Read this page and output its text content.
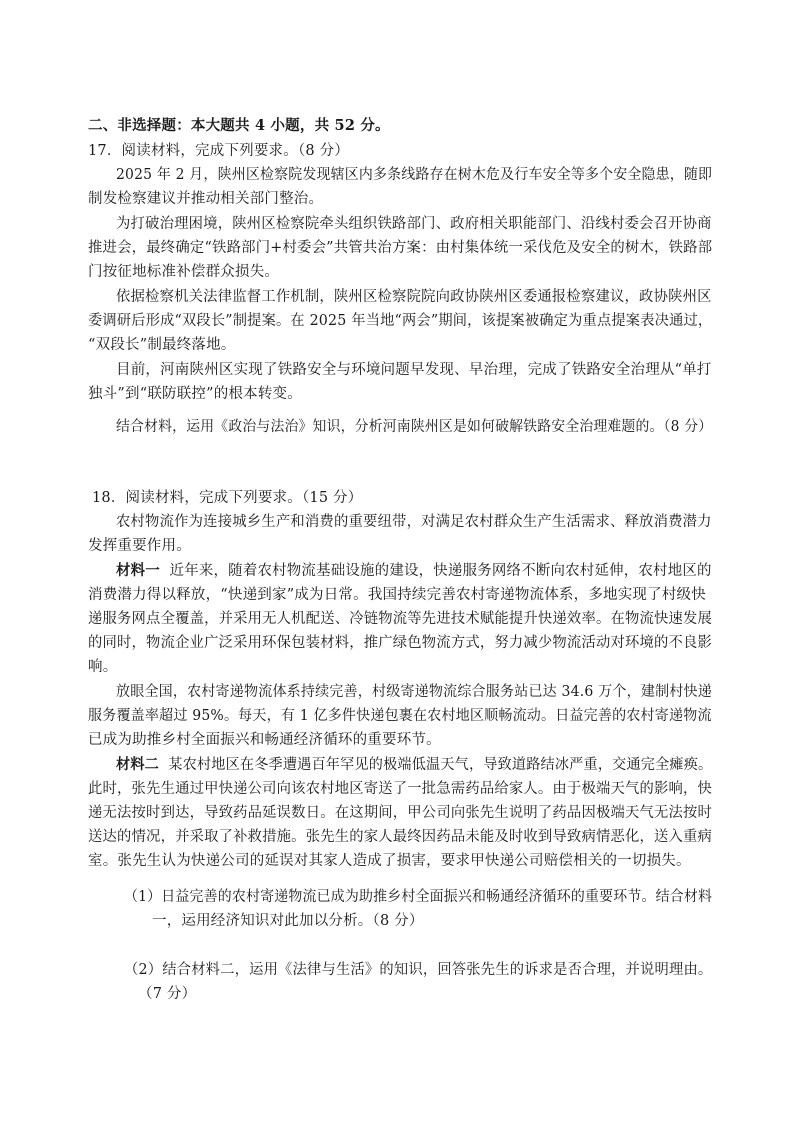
二、非选择题：本大题共 4 小题，共 52 分。
17．阅读材料，完成下列要求。（8 分）
2025 年 2 月，陕州区检察院发现辖区内多条线路存在树木危及行车安全等多个安全隐患，随即
制发检察建议并推动相关部门整治。
为打破治理困境，陕州区检察院牵头组织铁路部门、政府相关职能部门、沿线村委会召开协商
推进会，最终确定“铁路部门+村委会”共管共治方案：由村集体统一采伐危及安全的树木，铁路部
门按征地标准补偿群众损失。
依据检察机关法律监督工作机制，陕州区检察院院向政协陕州区委通报检察建议，政协陕州区
委调研后形成“双段长”制提案。在 2025 年当地“两会”期间，该提案被确定为重点提案表决通过，
“双段长”制最终落地。
目前，河南陕州区实现了铁路安全与环境问题早发现、早治理，完成了铁路安全治理从“单打
独斗”到“联防联控”的根本转变。
结合材料，运用《政治与法治》知识，分析河南陕州区是如何破解铁路安全治理难题的。（8 分）
18．阅读材料，完成下列要求。（15 分）
农村物流作为连接城乡生产和消费的重要纽带，对满足农村群众生产生活需求、释放消费潜力
发挥重要作用。
材料一 近年来，随着农村物流基础设施的建设，快递服务网络不断向农村延伸，农村地区的
消费潜力得以释放，“快递到家”成为日常。我国持续完善农村寄递物流体系，多地实现了村级快
递服务网点全覆盖，并采用无人机配送、冷链物流等先进技术赋能提升快递效率。在物流快速发展
的同时，物流企业广泛采用环保包装材料，推广绿色物流方式，努力减少物流活动对环境的不良影
响。
放眼全国，农村寄递物流体系持续完善，村级寄递物流综合服务站已达 34.6 万个，建制村快递
服务覆盖率超过 95%。每天，有 1 亿多件快递包裹在农村地区顺畅流动。日益完善的农村寄递物流
已成为助推乡村全面振兴和畅通经济循环的重要环节。
材料二 某农村地区在冬季遭遇百年罕见的极端低温天气，导致道路结冰严重，交通完全瘫痪。
此时，张先生通过甲快递公司向该农村地区寄送了一批急需药品给家人。由于极端天气的影响，快
递无法按时到达，导致药品延误数日。在这期间，甲公司向张先生说明了药品因极端天气无法按时
送达的情况，并采取了补救措施。张先生的家人最终因药品未能及时收到导致病情恶化，送入重病
室。张先生认为快递公司的延误对其家人造成了损害，要求甲快递公司赔偿相关的一切损失。
（1）日益完善的农村寄递物流已成为助推乡村全面振兴和畅通经济循环的重要环节。结合材料
一，运用经济知识对此加以分析。（8 分）
（2）结合材料二，运用《法律与生活》的知识，回答张先生的诉求是否合理，并说明理由。
（7 分）
